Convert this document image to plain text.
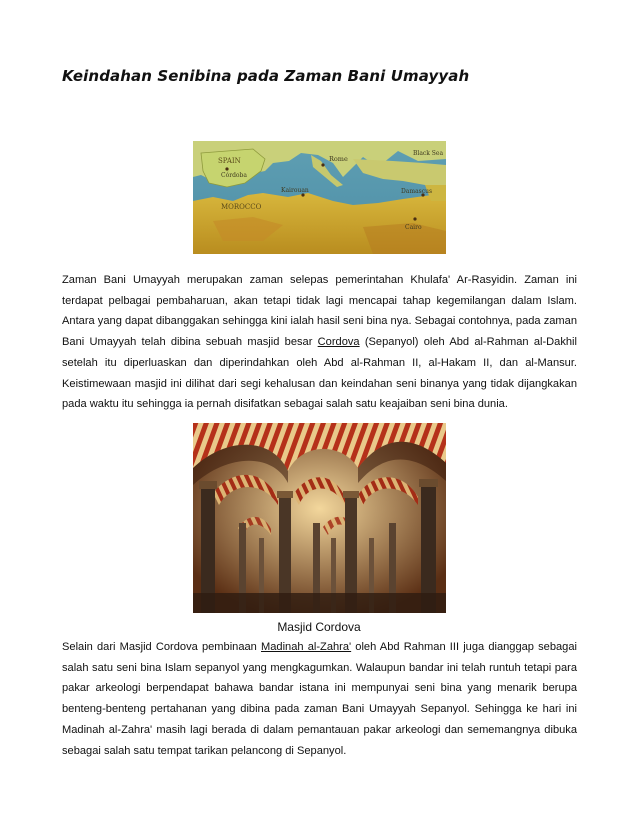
Keindahan Senibina pada Zaman Bani Umayyah
SPAIN
Córdoba
MOROCCO
Rome
Kairouan	Damascus
Black Sea
Cairo

Zaman Bani Umayyah merupakan zaman selepas pemerintahan Khulafa' Ar-Rasyidin. Zaman ini terdapat pelbagai pembaharuan, akan tetapi tidak lagi mencapai tahap kegemilangan dalam Islam. Antara yang dapat dibanggakan sehingga kini ialah hasil seni bina nya. Sebagai contohnya, pada zaman Bani Umayyah telah dibina sebuah masjid besar Cordova (Sepanyol) oleh Abd al-Rahman al-Dakhil setelah itu diperluaskan dan diperindahkan oleh Abd al-Rahman II, al-Hakam II, dan al-Mansur. Keistimewaan masjid ini dilihat dari segi kehalusan dan keindahan seni binanya yang tidak dijangkakan pada waktu itu sehingga ia pernah disifatkan sebagai salah satu keajaiban seni bina dunia.

Masjid Cordova

Selain dari Masjid Cordova pembinaan Madinah al-Zahra' oleh Abd Rahman III juga dianggap sebagai salah satu seni bina Islam sepanyol yang mengkagumkan. Walaupun bandar ini telah runtuh tetapi para pakar arkeologi berpendapat bahawa bandar istana ini mempunyai seni bina yang menarik berupa benteng-benteng pertahanan yang dibina pada zaman Bani Umayyah Sepanyol. Sehingga ke hari ini Madinah al-Zahra' masih lagi berada di dalam pemantauan pakar arkeologi dan sememangnya dibuka sebagai salah satu tempat tarikan pelancong di Sepanyol.
